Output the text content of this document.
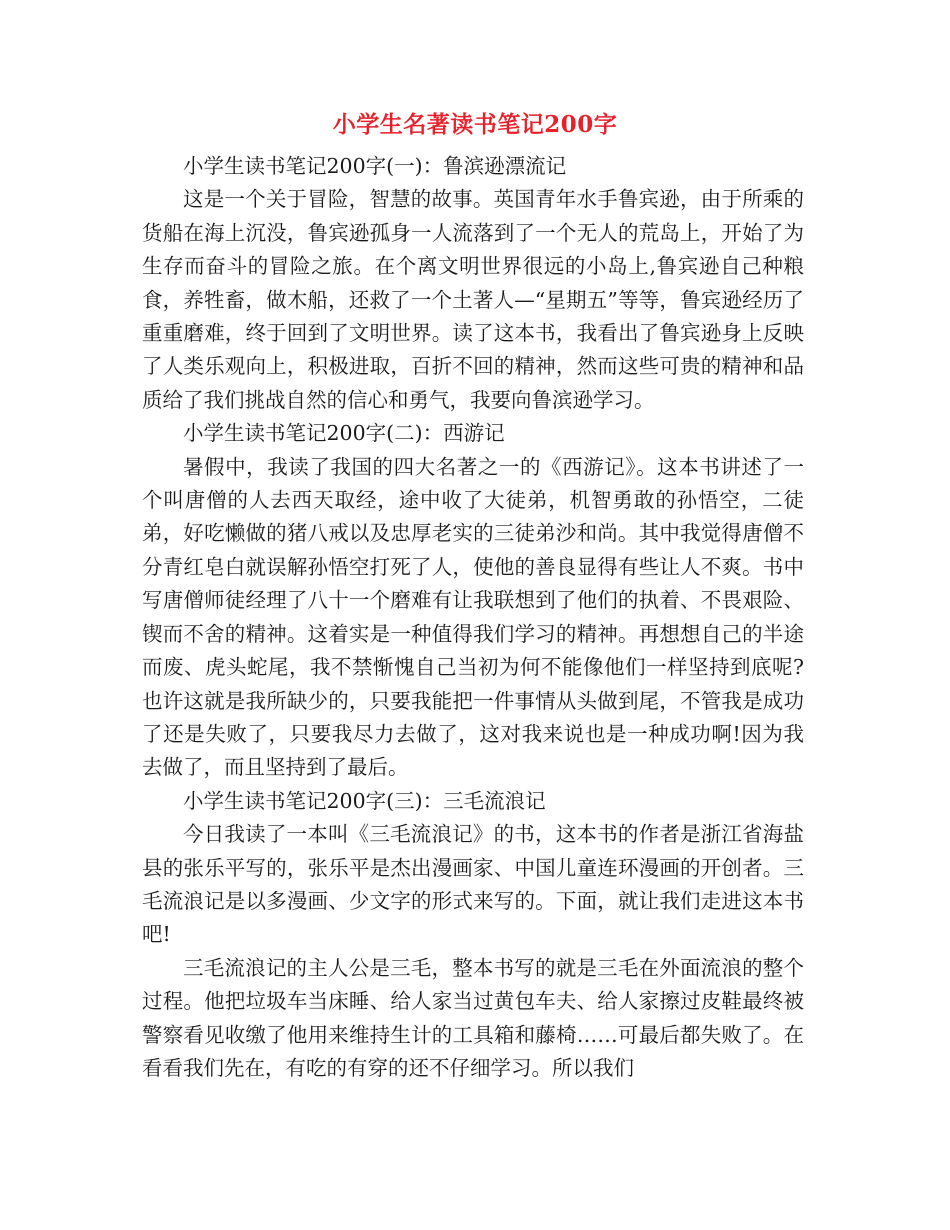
小学生名著读书笔记200字

小学生读书笔记200字(一)：鲁滨逊漂流记

这是一个关于冒险，智慧的故事。英国青年水手鲁宾逊，由于所乘的货船在海上沉没，鲁宾逊孤身一人流落到了一个无人的荒岛上，开始了为生存而奋斗的冒险之旅。在个离文明世界很远的小岛上,鲁宾逊自己种粮食，养牲畜，做木船，还救了一个土著人—“星期五”等等，鲁宾逊经历了重重磨难，终于回到了文明世界。读了这本书，我看出了鲁宾逊身上反映了人类乐观向上，积极进取，百折不回的精神，然而这些可贵的精神和品质给了我们挑战自然的信心和勇气，我要向鲁滨逊学习。

小学生读书笔记200字(二)：西游记

暑假中，我读了我国的四大名著之一的《西游记》。这本书讲述了一个叫唐僧的人去西天取经，途中收了大徒弟，机智勇敢的孙悟空，二徒弟，好吃懒做的猪八戒以及忠厚老实的三徒弟沙和尚。其中我觉得唐僧不分青红皂白就误解孙悟空打死了人，使他的善良显得有些让人不爽。书中写唐僧师徒经理了八十一个磨难有让我联想到了他们的执着、不畏艰险、锲而不舍的精神。这着实是一种值得我们学习的精神。再想想自己的半途而废、虎头蛇尾，我不禁惭愧自己当初为何不能像他们一样坚持到底呢?也许这就是我所缺少的，只要我能把一件事情从头做到尾，不管我是成功了还是失败了，只要我尽力去做了，这对我来说也是一种成功啊!因为我去做了，而且坚持到了最后。

小学生读书笔记200字(三)：三毛流浪记

今日我读了一本叫《三毛流浪记》的书，这本书的作者是浙江省海盐县的张乐平写的，张乐平是杰出漫画家、中国儿童连环漫画的开创者。三毛流浪记是以多漫画、少文字的形式来写的。下面，就让我们走进这本书吧!

三毛流浪记的主人公是三毛，整本书写的就是三毛在外面流浪的整个过程。他把垃圾车当床睡、给人家当过黄包车夫、给人家擦过皮鞋最终被警察看见收缴了他用来维持生计的工具箱和藤椅……可最后都失败了。在看看我们先在，有吃的有穿的还不仔细学习。所以我们
